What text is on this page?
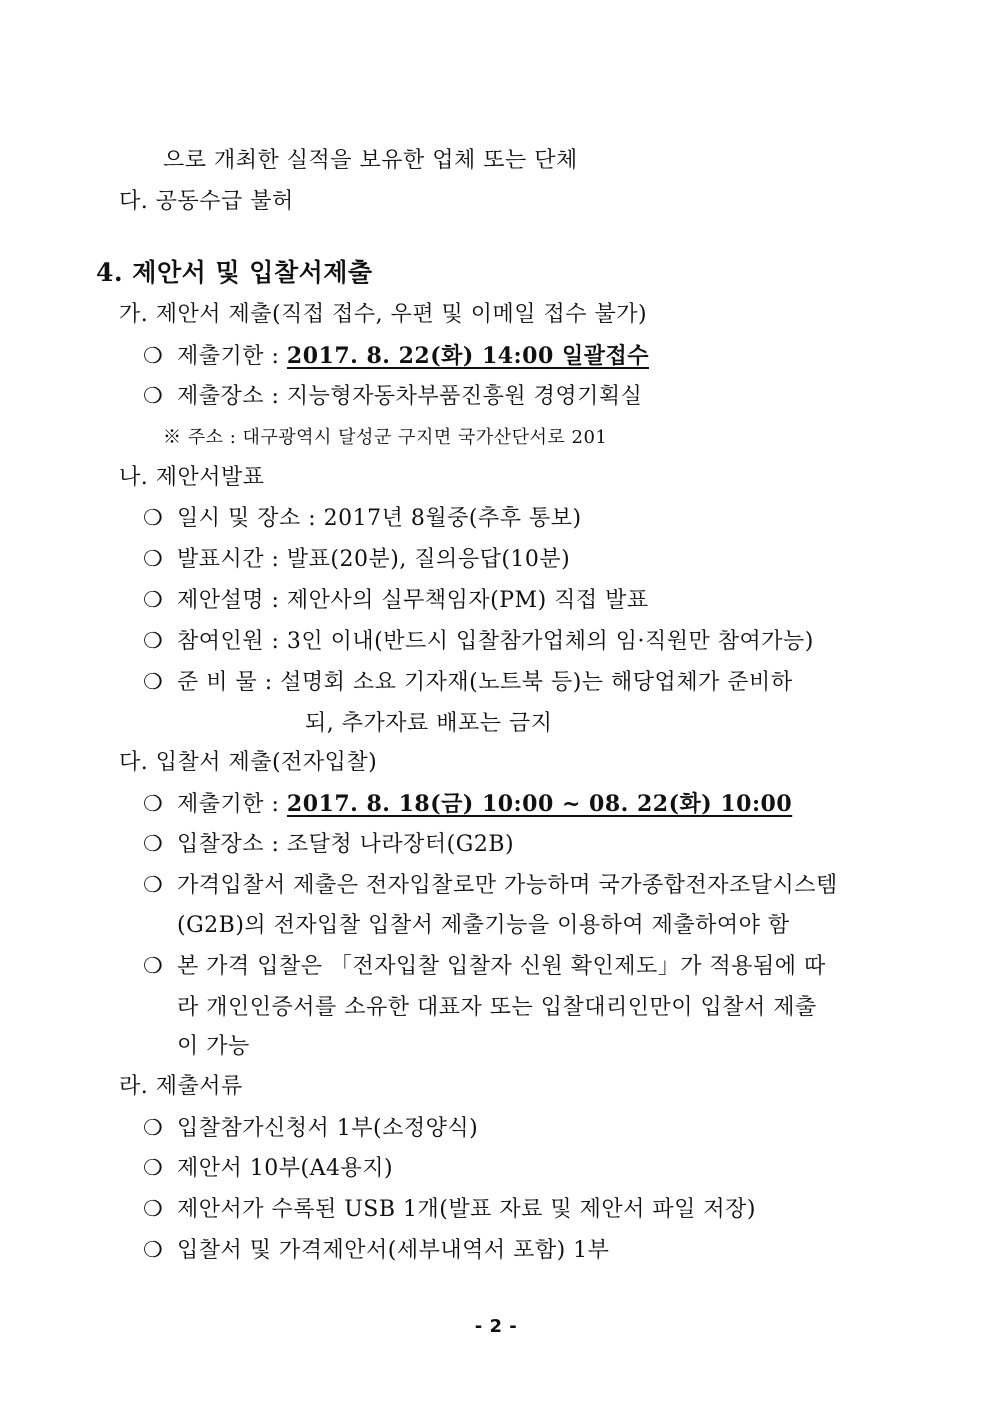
으로 개최한 실적을 보유한 업체 또는 단체
다. 공동수급 불허
4. 제안서 및 입찰서제출
가. 제안서 제출(직접 접수, 우편 및 이메일 접수 불가)
❍ 제출기한 : 2017. 8. 22(화) 14:00 일괄접수
❍ 제출장소 : 지능형자동차부품진흥원 경영기획실
※ 주소 : 대구광역시 달성군 구지면 국가산단서로 201
나. 제안서발표
❍ 일시 및 장소 : 2017년 8월중(추후 통보)
❍ 발표시간 : 발표(20분), 질의응답(10분)
❍ 제안설명 : 제안사의 실무책임자(PM) 직접 발표
❍ 참여인원 : 3인 이내(반드시 입찰참가업체의 임·직원만 참여가능)
❍ 준 비 물 : 설명회 소요 기자재(노트북 등)는 해당업체가 준비하
되, 추가자료 배포는 금지
다. 입찰서 제출(전자입찰)
❍ 제출기한 : 2017. 8. 18(금) 10:00 ~ 08. 22(화) 10:00
❍ 입찰장소 : 조달청 나라장터(G2B)
❍ 가격입찰서 제출은 전자입찰로만 가능하며 국가종합전자조달시스템
(G2B)의 전자입찰 입찰서 제출기능을 이용하여 제출하여야 함
❍ 본 가격 입찰은 「전자입찰 입찰자 신원 확인제도」가 적용됨에 따
라 개인인증서를 소유한 대표자 또는 입찰대리인만이 입찰서 제출
이 가능
라. 제출서류
❍ 입찰참가신청서 1부(소정양식)
❍ 제안서 10부(A4용지)
❍ 제안서가 수록된 USB 1개(발표 자료 및 제안서 파일 저장)
❍ 입찰서 및 가격제안서(세부내역서 포함) 1부
- 2 -
